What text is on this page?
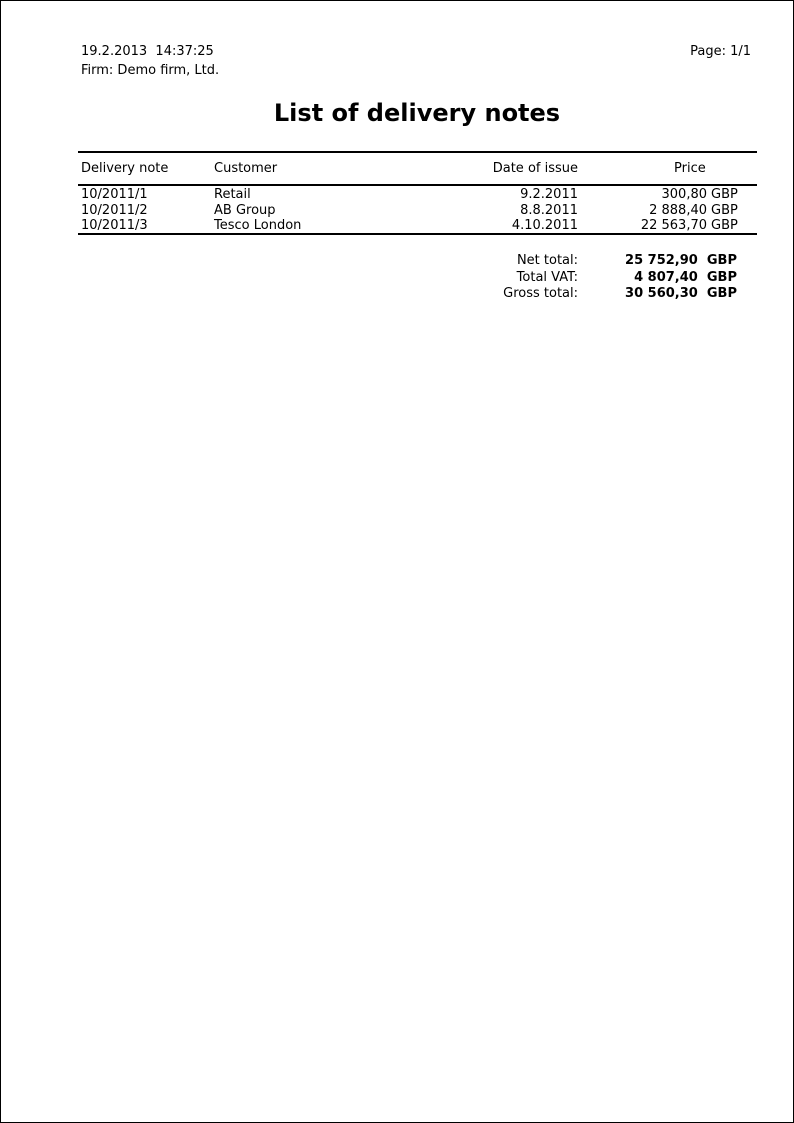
19.2.2013  14:37:25
Firm: Demo firm, Ltd.
Page: 1/1
List of delivery notes
Delivery note	Customer	Date of issue	Price
10/2011/1	Retail	9.2.2011	300,80 GBP
10/2011/2	AB Group	8.8.2011	2 888,40 GBP
10/2011/3	Tesco London	4.10.2011	22 563,70 GBP
Net total:	25 752,90  GBP
Total VAT:	4 807,40  GBP
Gross total:	30 560,30  GBP
